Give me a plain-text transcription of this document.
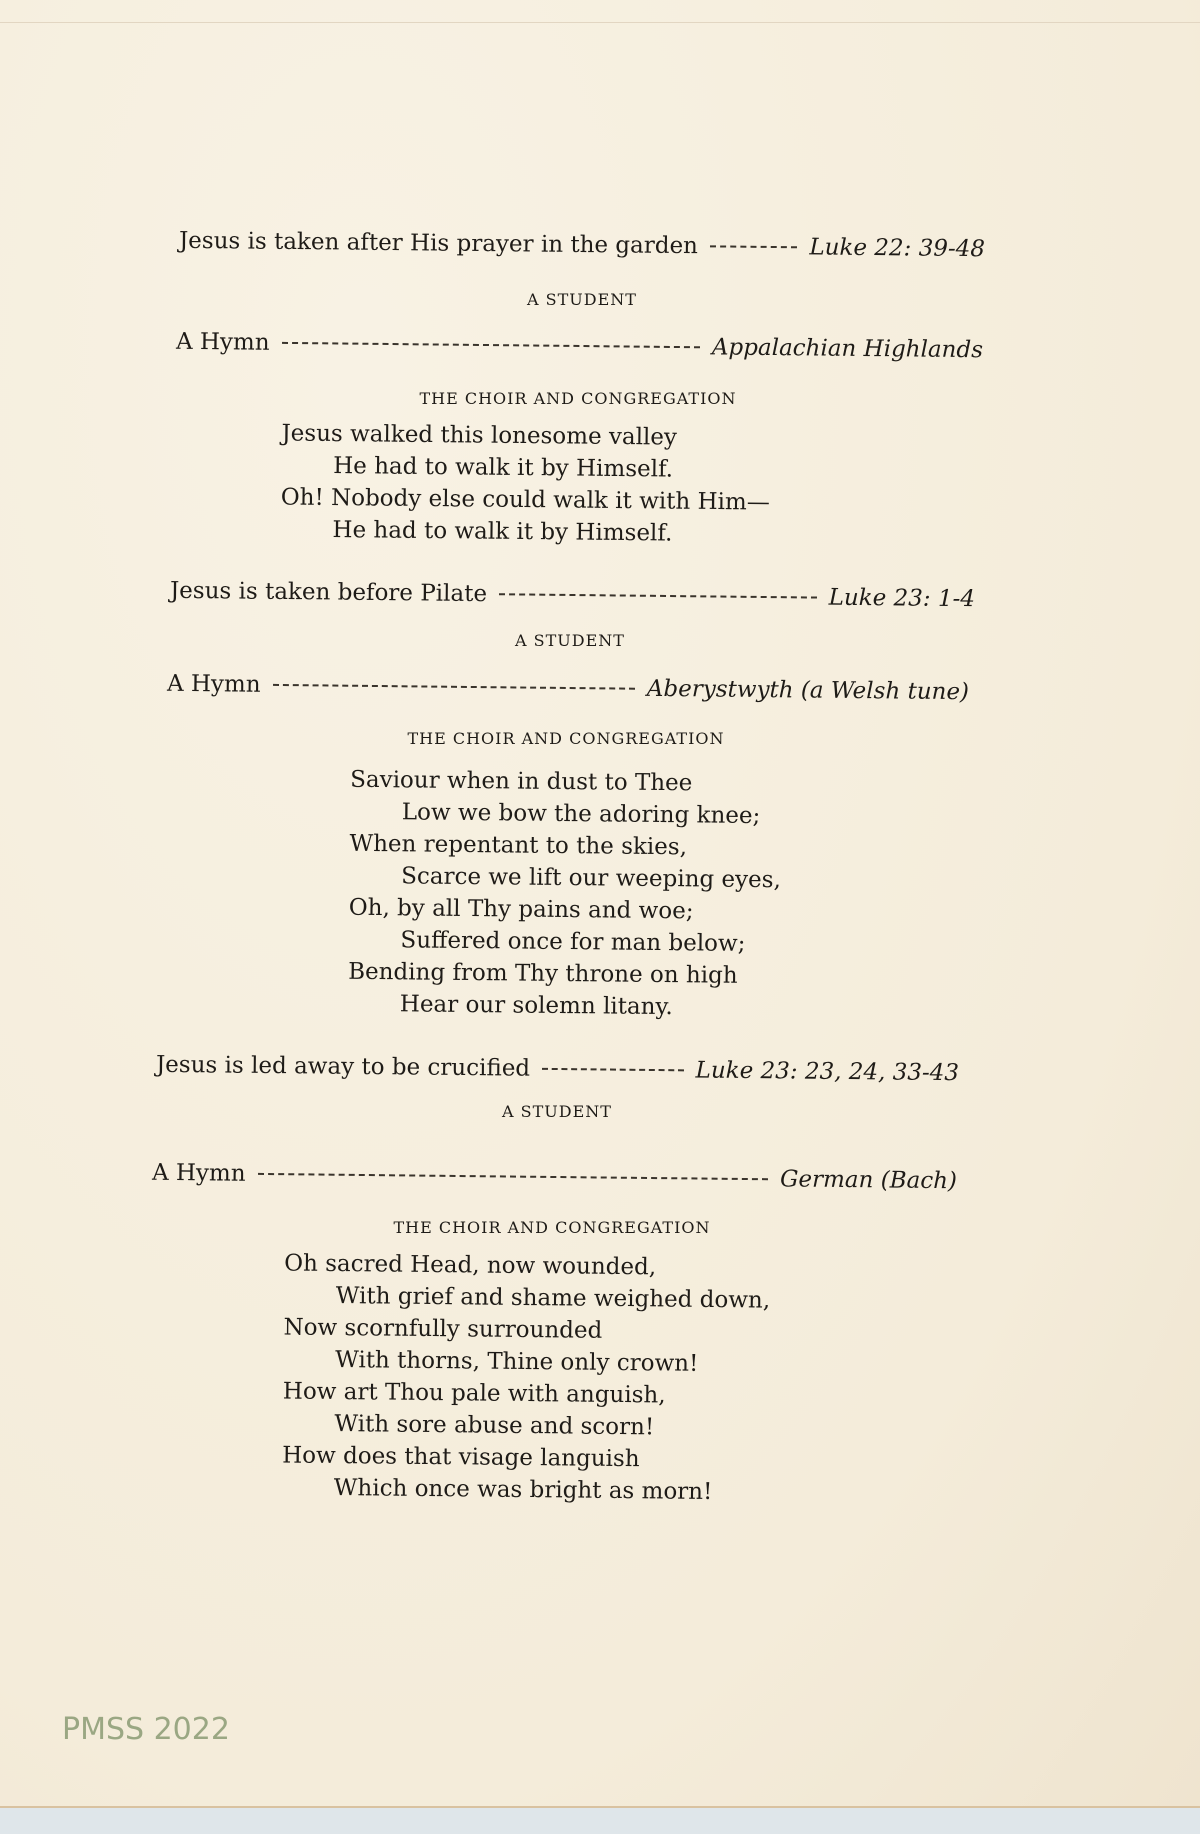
Jesus is taken after His prayer in the garden	Luke 22: 39-48
A STUDENT
A Hymn	Appalachian Highlands
THE CHOIR AND CONGREGATION
Jesus walked this lonesome valley
He had to walk it by Himself.
Oh! Nobody else could walk it with Him—
He had to walk it by Himself.
Jesus is taken before Pilate	Luke 23: 1-4
A STUDENT
A Hymn	Aberystwyth (a Welsh tune)
THE CHOIR AND CONGREGATION
Saviour when in dust to Thee
Low we bow the adoring knee;
When repentant to the skies,
Scarce we lift our weeping eyes,
Oh, by all Thy pains and woe;
Suffered once for man below;
Bending from Thy throne on high
Hear our solemn litany.
Jesus is led away to be crucified	Luke 23: 23, 24, 33-43
A STUDENT
A Hymn	German (Bach)
THE CHOIR AND CONGREGATION
Oh sacred Head, now wounded,
With grief and shame weighed down,
Now scornfully surrounded
With thorns, Thine only crown!
How art Thou pale with anguish,
With sore abuse and scorn!
How does that visage languish
Which once was bright as morn!
PMSS 2022
